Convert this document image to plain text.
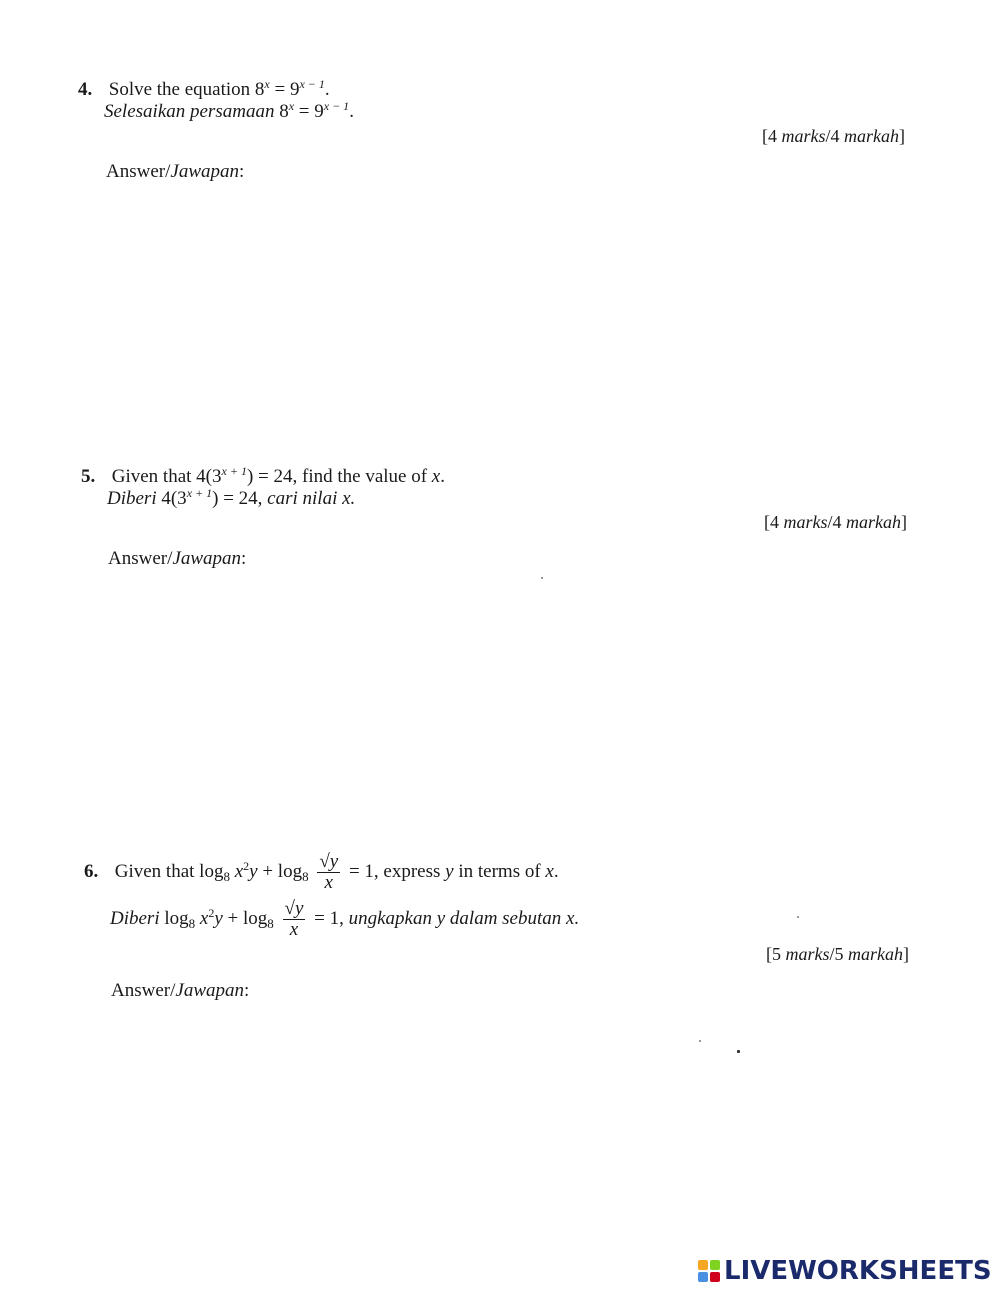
4. Solve the equation $8^x = 9^{x - 1}$.
Selesaikan persamaan $8^x = 9^{x - 1}$.
[4 marks/4 markah]
Answer/Jawapan:
5. Given that $4(3^{x + 1}) = 24$, find the value of x.
Diberi $4(3^{x + 1}) = 24$, cari nilai x.
[4 marks/4 markah]
Answer/Jawapan:
6. Given that $\log_8 x^2y + \log_8 \frac{√y}{x} = 1$, express y in terms of x.
Diberi $\log_8 x^2y + \log_8 \frac{√y}{x} = 1$, ungkapkan y dalam sebutan x.
[5 marks/5 markah]
Answer/Jawapan:
LIVEWORKSHEETS
